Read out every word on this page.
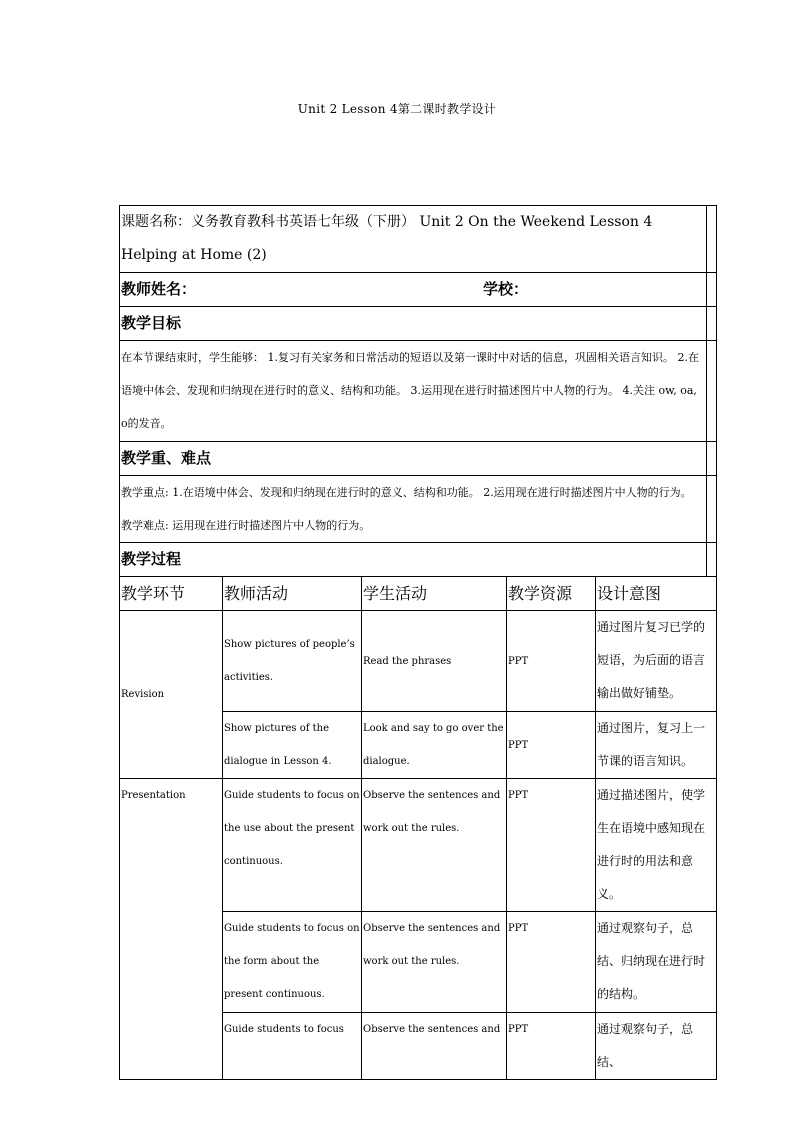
Unit 2 Lesson 4第二课时教学设计
课题名称：义务教育教科书英语七年级（下册） Unit 2 On the Weekend Lesson 4 Helping at Home (2)					

教师姓名： 学校：					

教学目标					
在本节课结束时，学生能够： 1.复习有关家务和日常活动的短语以及第一课时中对话的信息，巩固相关语言知识。 2.在语境中体会、发现和归纳现在进行时的意义、结构和功能。 3.运用现在进行时描述图片中人物的行为。 4.关注 ow, oa, o的发音。					
教学重、难点					
教学重点: 1.在语境中体会、发现和归纳现在进行时的意义、结构和功能。 2.运用现在进行时描述图片中人物的行为。 教学难点: 运用现在进行时描述图片中人物的行为。					
教学过程					
教学环节	教师活动	学生活动	教学资源	设计意图	
Revision	Show pictures of people’s activities.	Read the phrases	PPT	通过图片复习已学的短语，为后面的语言输出做好铺垫。	
	Show pictures of the dialogue in Lesson 4.	Look and say to go over the dialogue.	PPT	通过图片，复习上一节课的语言知识。	
Presentation	Guide students to focus on the use about the present continuous.	Observe the sentences and work out the rules.	PPT	通过描述图片，使学生在语境中感知现在进行时的用法和意义。	
	Guide students to focus on the form about the present continuous.	Observe the sentences and work out the rules.	PPT	通过观察句子，总结、归纳现在进行时的结构。	
	Guide students to focus	Observe the sentences and	PPT	通过观察句子，总结、	
